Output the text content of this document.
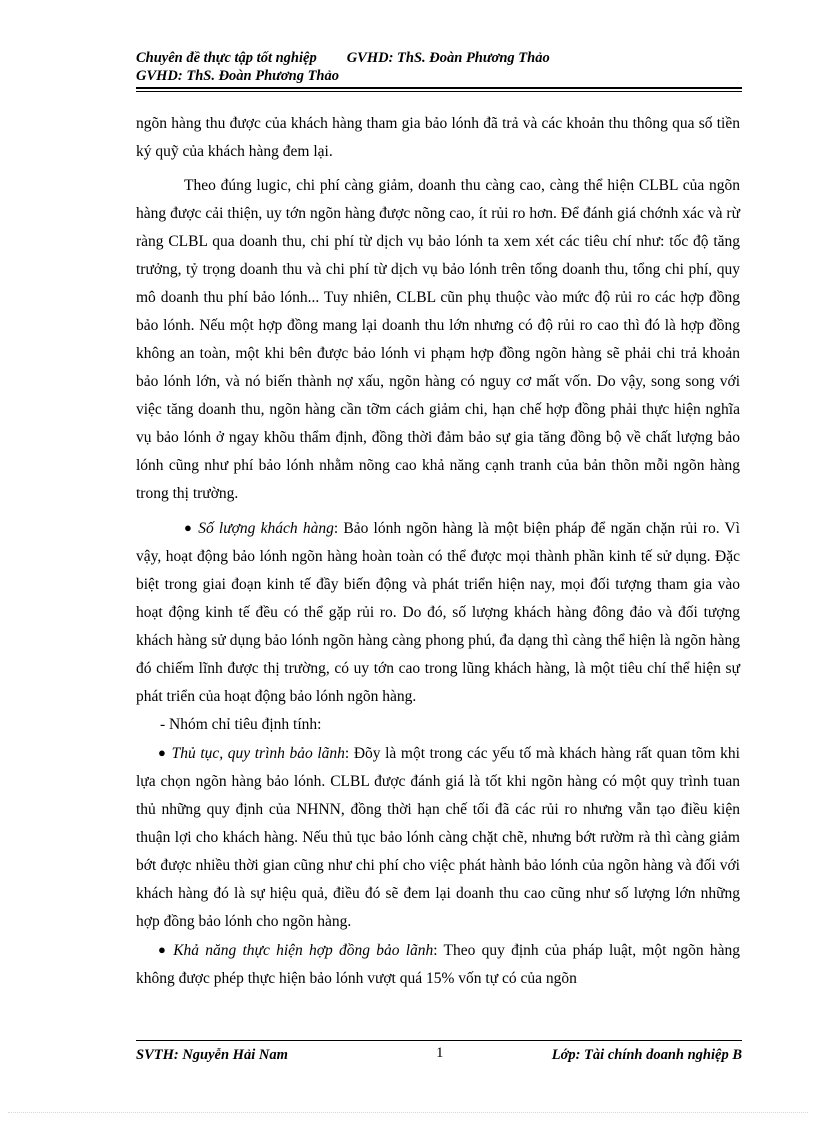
Chuyên đề thực tập tốt nghiệp GVHD: ThS. Đoàn Phương Thảo
GVHD: ThS. Đoàn Phương Thảo

ngõn hàng thu được của khách hàng tham gia bảo lónh đã trả và các khoản thu thông qua số tiền ký quỹ của khách hàng đem lại.

Theo đúng lugic, chi phí càng giảm, doanh thu càng cao, càng thể hiện CLBL của ngõn hàng được cải thiện, uy tớn ngõn hàng được nõng cao, ít rủi ro hơn. Để đánh giá chớnh xác và rừ ràng CLBL qua doanh thu, chi phí từ dịch vụ bảo lónh ta xem xét các tiêu chí như: tốc độ tăng trưởng, tỷ trọng doanh thu và chi phí từ dịch vụ bảo lónh trên tổng doanh thu, tổng chi phí, quy mô doanh thu phí bảo lónh... Tuy nhiên, CLBL cũn phụ thuộc vào mức độ rủi ro các hợp đồng bảo lónh. Nếu một hợp đồng mang lại doanh thu lớn nhưng có độ rủi ro cao thì đó là hợp đồng không an toàn, một khi bên được bảo lónh vi phạm hợp đồng ngõn hàng sẽ phải chi trả khoản bảo lónh lớn, và nó biến thành nợ xấu, ngõn hàng có nguy cơ mất vốn. Do vậy, song song với việc tăng doanh thu, ngõn hàng cần tỡm cách giảm chi, hạn chế hợp đồng phải thực hiện nghĩa vụ bảo lónh ở ngay khõu thẩm định, đồng thời đảm bảo sự gia tăng đồng bộ về chất lượng bảo lónh cũng như phí bảo lónh nhằm nõng cao khả năng cạnh tranh của bản thõn mỗi ngõn hàng trong thị trường.

● Số lượng khách hàng: Bảo lónh ngõn hàng là một biện pháp để ngăn chặn rủi ro. Vì vậy, hoạt động bảo lónh ngõn hàng hoàn toàn có thể được mọi thành phần kinh tế sử dụng. Đặc biệt trong giai đoạn kinh tế đầy biến động và phát triển hiện nay, mọi đối tượng tham gia vào hoạt động kinh tế đều có thể gặp rủi ro. Do đó, số lượng khách hàng đông đảo và đối tượng khách hàng sử dụng bảo lónh ngõn hàng càng phong phú, đa dạng thì càng thể hiện là ngõn hàng đó chiếm lĩnh được thị trường, có uy tớn cao trong lũng khách hàng, là một tiêu chí thể hiện sự phát triển của hoạt động bảo lónh ngõn hàng.

- Nhóm chỉ tiêu định tính:

● Thủ tục, quy trình bảo lãnh: Đõy là một trong các yếu tố mà khách hàng rất quan tõm khi lựa chọn ngõn hàng bảo lónh. CLBL được đánh giá là tốt khi ngõn hàng có một quy trình tuan thủ những quy định của NHNN, đồng thời hạn chế tối đã các rủi ro nhưng vẫn tạo điều kiện thuận lợi cho khách hàng. Nếu thủ tục bảo lónh càng chặt chẽ, nhưng bớt rườm rà thì càng giảm bớt được nhiều thời gian cũng như chi phí cho việc phát hành bảo lónh của ngõn hàng và đối với khách hàng đó là sự hiệu quả, điều đó sẽ đem lại doanh thu cao cũng như số lượng lớn những hợp đồng bảo lónh cho ngõn hàng.

● Khả năng thực hiện hợp đồng bảo lãnh: Theo quy định của pháp luật, một ngõn hàng không được phép thực hiện bảo lónh vượt quá 15% vốn tự có của ngõn

SVTH: Nguyễn Hải Nam	1	Lớp: Tài chính doanh nghiệp B
